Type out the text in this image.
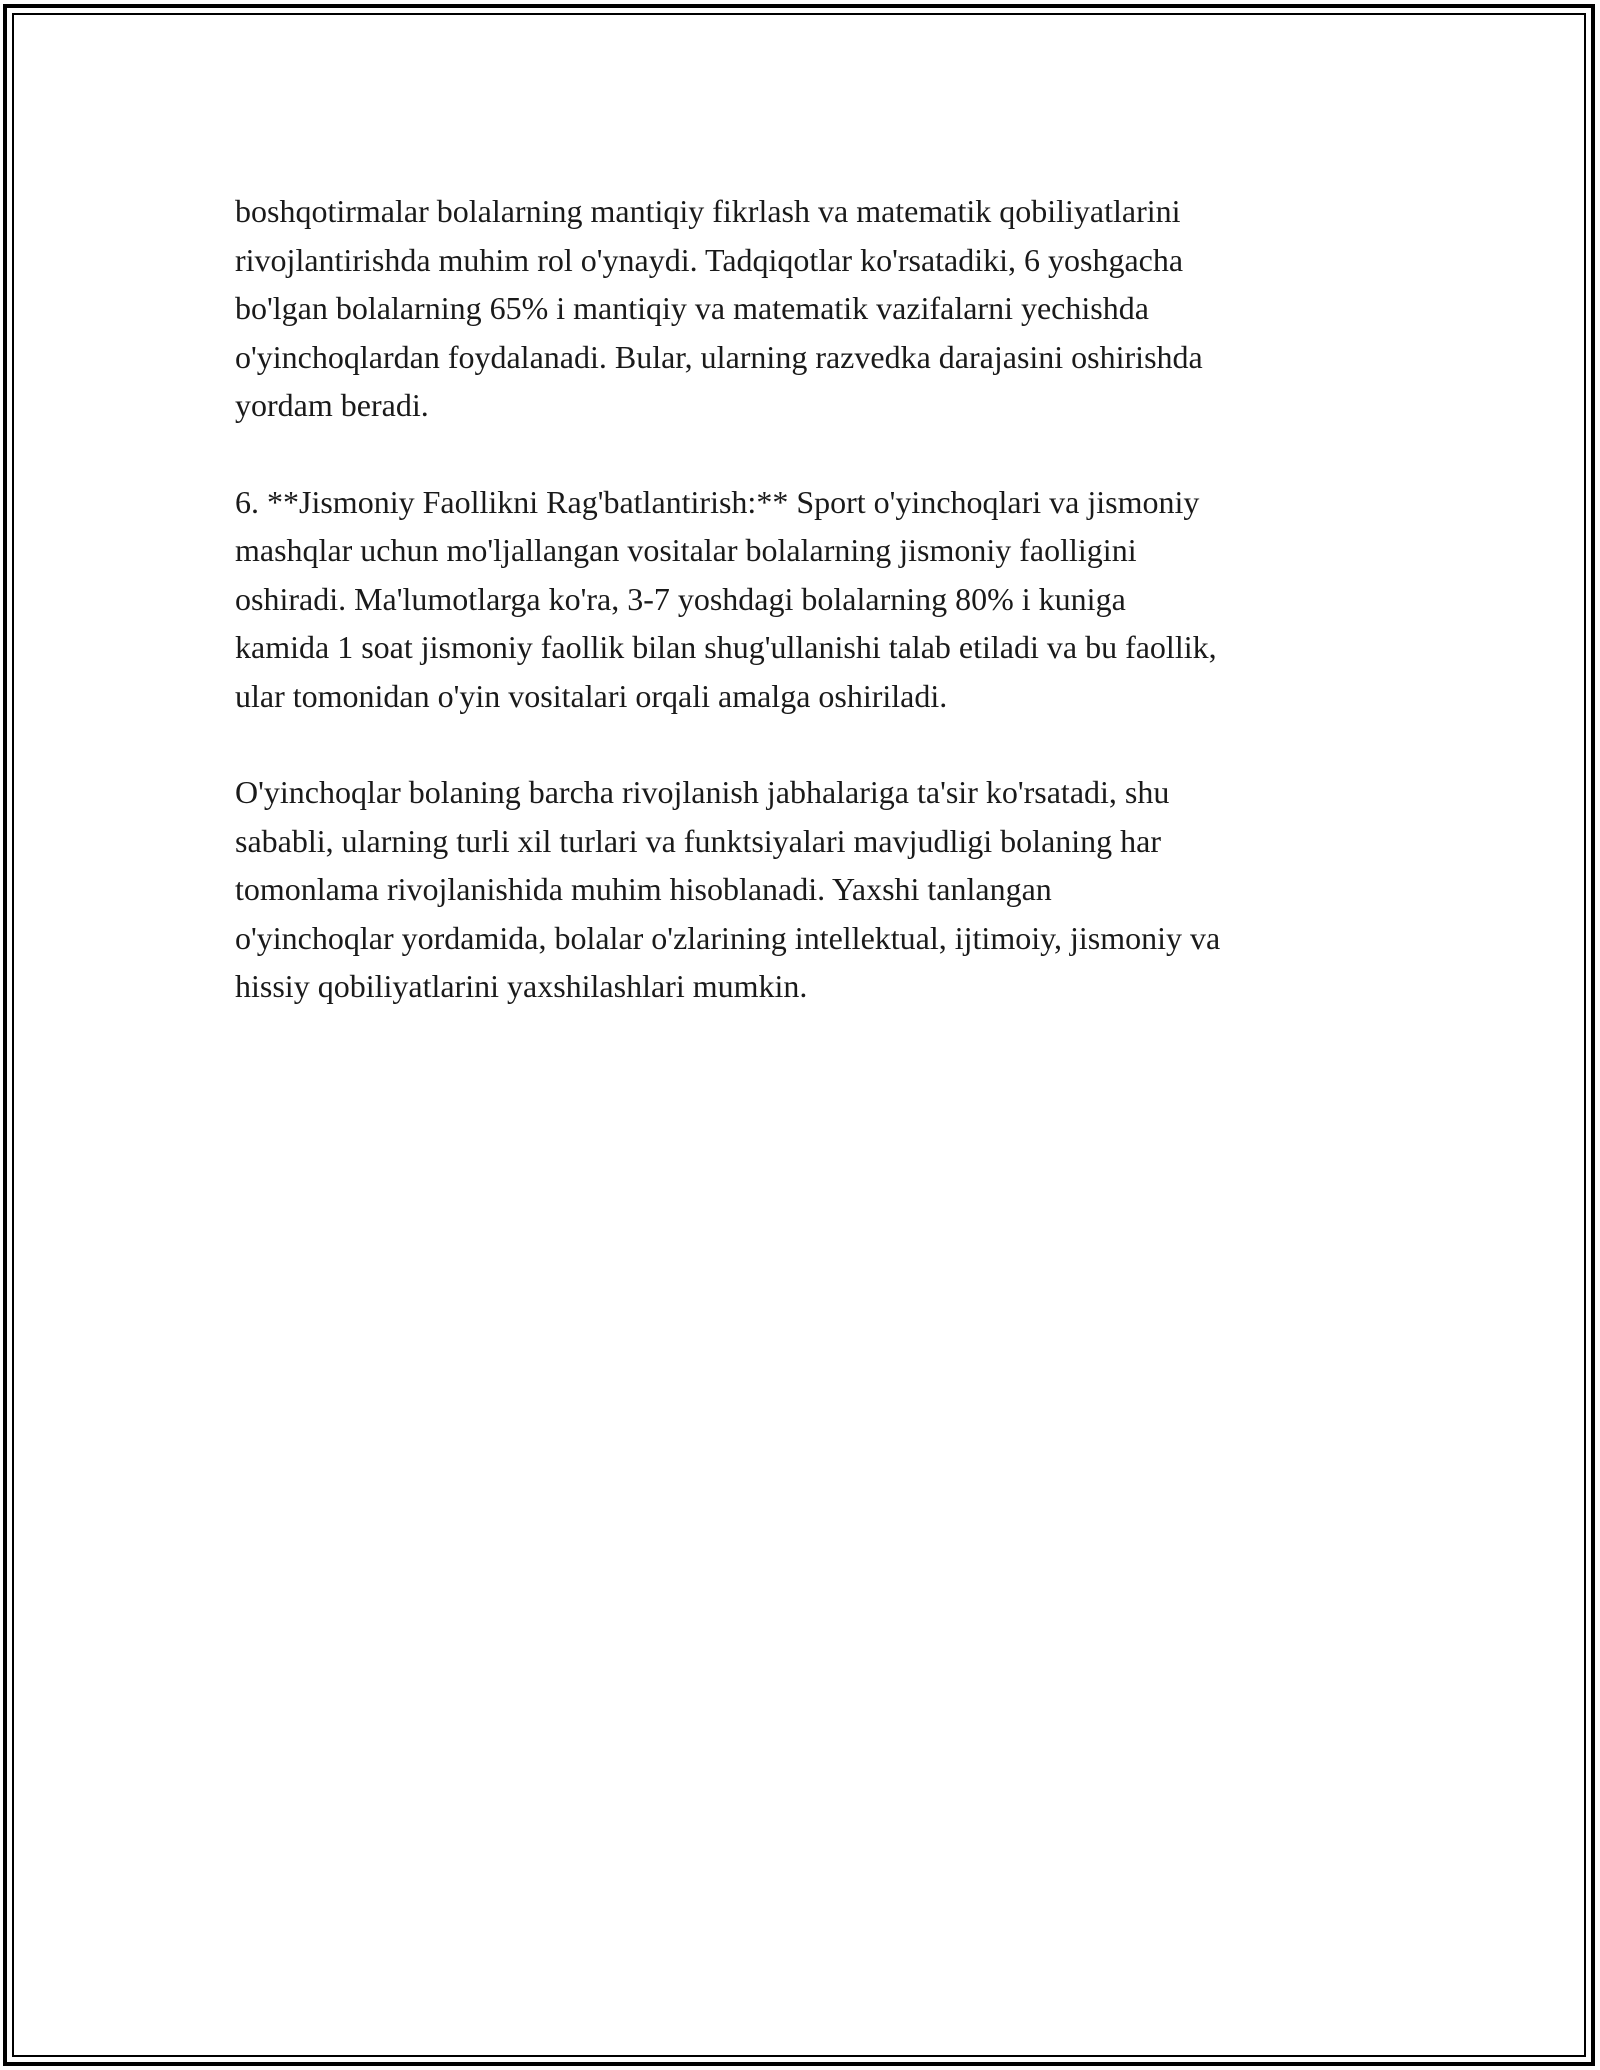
boshqotirmalar bolalarning mantiqiy fikrlash va matematik qobiliyatlarini
rivojlantirishda muhim rol o'ynaydi. Tadqiqotlar ko'rsatadiki, 6 yoshgacha
bo'lgan bolalarning 65% i mantiqiy va matematik vazifalarni yechishda
o'yinchoqlardan foydalanadi. Bular, ularning razvedka darajasini oshirishda
yordam beradi.

6. **Jismoniy Faollikni Rag'batlantirish:** Sport o'yinchoqlari va jismoniy
mashqlar uchun mo'ljallangan vositalar bolalarning jismoniy faolligini
oshiradi. Ma'lumotlarga ko'ra, 3-7 yoshdagi bolalarning 80% i kuniga
kamida 1 soat jismoniy faollik bilan shug'ullanishi talab etiladi va bu faollik,
ular tomonidan o'yin vositalari orqali amalga oshiriladi.

O'yinchoqlar bolaning barcha rivojlanish jabhalariga ta'sir ko'rsatadi, shu
sababli, ularning turli xil turlari va funktsiyalari mavjudligi bolaning har
tomonlama rivojlanishida muhim hisoblanadi. Yaxshi tanlangan
o'yinchoqlar yordamida, bolalar o'zlarining intellektual, ijtimoiy, jismoniy va
hissiy qobiliyatlarini yaxshilashlari mumkin.
